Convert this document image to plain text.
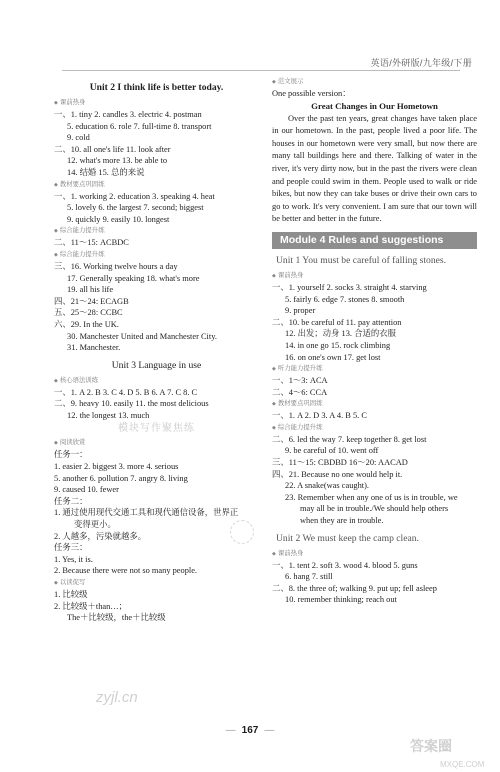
英语/外研版/九年级/下册
Unit 2 I think life is better today.
◆ 课前热身
一、1. tiny 2. candles 3. electric 4. postman
5. education 6. role 7. full-time 8. transport
9. cold
二、10. all one's life 11. look after
12. what's more 13. be able to
14. 结婚 15. 总的来说
◆ 教材要点巩固练
一、1. working 2. education 3. speaking 4. heat
5. lovely 6. the largest 7. second; biggest
9. quickly 9. easily 10. longest
◆ 综合能力提升练
二、11～15: ACBDC
◆ 综合能力提升练
三、16. Working twelve hours a day
17. Generally speaking 18. what's more
19. all his life
四、21～24: ECAGB
五、25～28: CCBC
六、29. In the UK.
30. Manchester United and Manchester City.
31. Manchester.
Unit 3 Language in use
◆ 核心语法训练
一、1. A 2. B 3. C 4. D 5. B 6. A 7. C 8. C
二、9. heavy 10. easily 11. the most delicious
12. the longest 13. much
模块写作聚焦练
◆ 阅读欣赏
任务一：
1. easier 2. biggest 3. more 4. serious
5. another 6. pollution 7. angry 8. living
9. caused 10. fewer
任务二：
1. 通过使用现代交通工具和现代通信设备，世界正
变得更小。
2. 人越多，污染就越多。
任务三：
1. Yes, it is.
2. Because there were not so many people.
◆ 以读促写
1. 比较级
2. 比较级＋than…；
The＋比较级，the＋比较级
◆ 范文展示
One possible version：
Great Changes in Our Hometown
Over the past ten years, great changes have taken place in our hometown. In the past, people lived a poor life. The houses in our hometown were very small, but now there are many tall buildings here and there. Talking of water in the river, it's very dirty now, but in the past the rivers were clean and people could swim in them. People used to walk or ride bikes, but now they can take buses or drive their own cars to go to work. It's very convenient. I am sure that our town will be better and better in the future.
Module 4 Rules and suggestions
Unit 1 You must be careful of falling stones.
◆ 课前热身
一、1. yourself 2. socks 3. straight 4. starving
5. fairly 6. edge 7. stones 8. smooth
9. proper
二、10. be careful of 11. pay attention
12. 出发；动身 13. 合适的衣服
14. in one go 15. rock climbing
16. on one's own 17. get lost
◆ 听力能力提升练
一、1～3: ACA
二、4～6: CCA
◆ 教材要点巩固练
一、1. A 2. D 3. A 4. B 5. C
◆ 综合能力提升练
二、6. led the way 7. keep together 8. get lost
9. be careful of 10. went off
三、11～15: CBDBD 16～20: AACAD
四、21. Because no one would help it.
22. A snake(was caught).
23. Remember when any one of us is in trouble, we
may all be in trouble./We should help others
when they are in trouble.
Unit 2 We must keep the camp clean.
◆ 课前热身
一、1. tent 2. soft 3. wood 4. blood 5. guns
6. hang 7. still
二、8. the three of; walking 9. put up; fell asleep
10. remember thinking; reach out
zyjl.cn
— 167 —
答案圈
MXQE.COM
